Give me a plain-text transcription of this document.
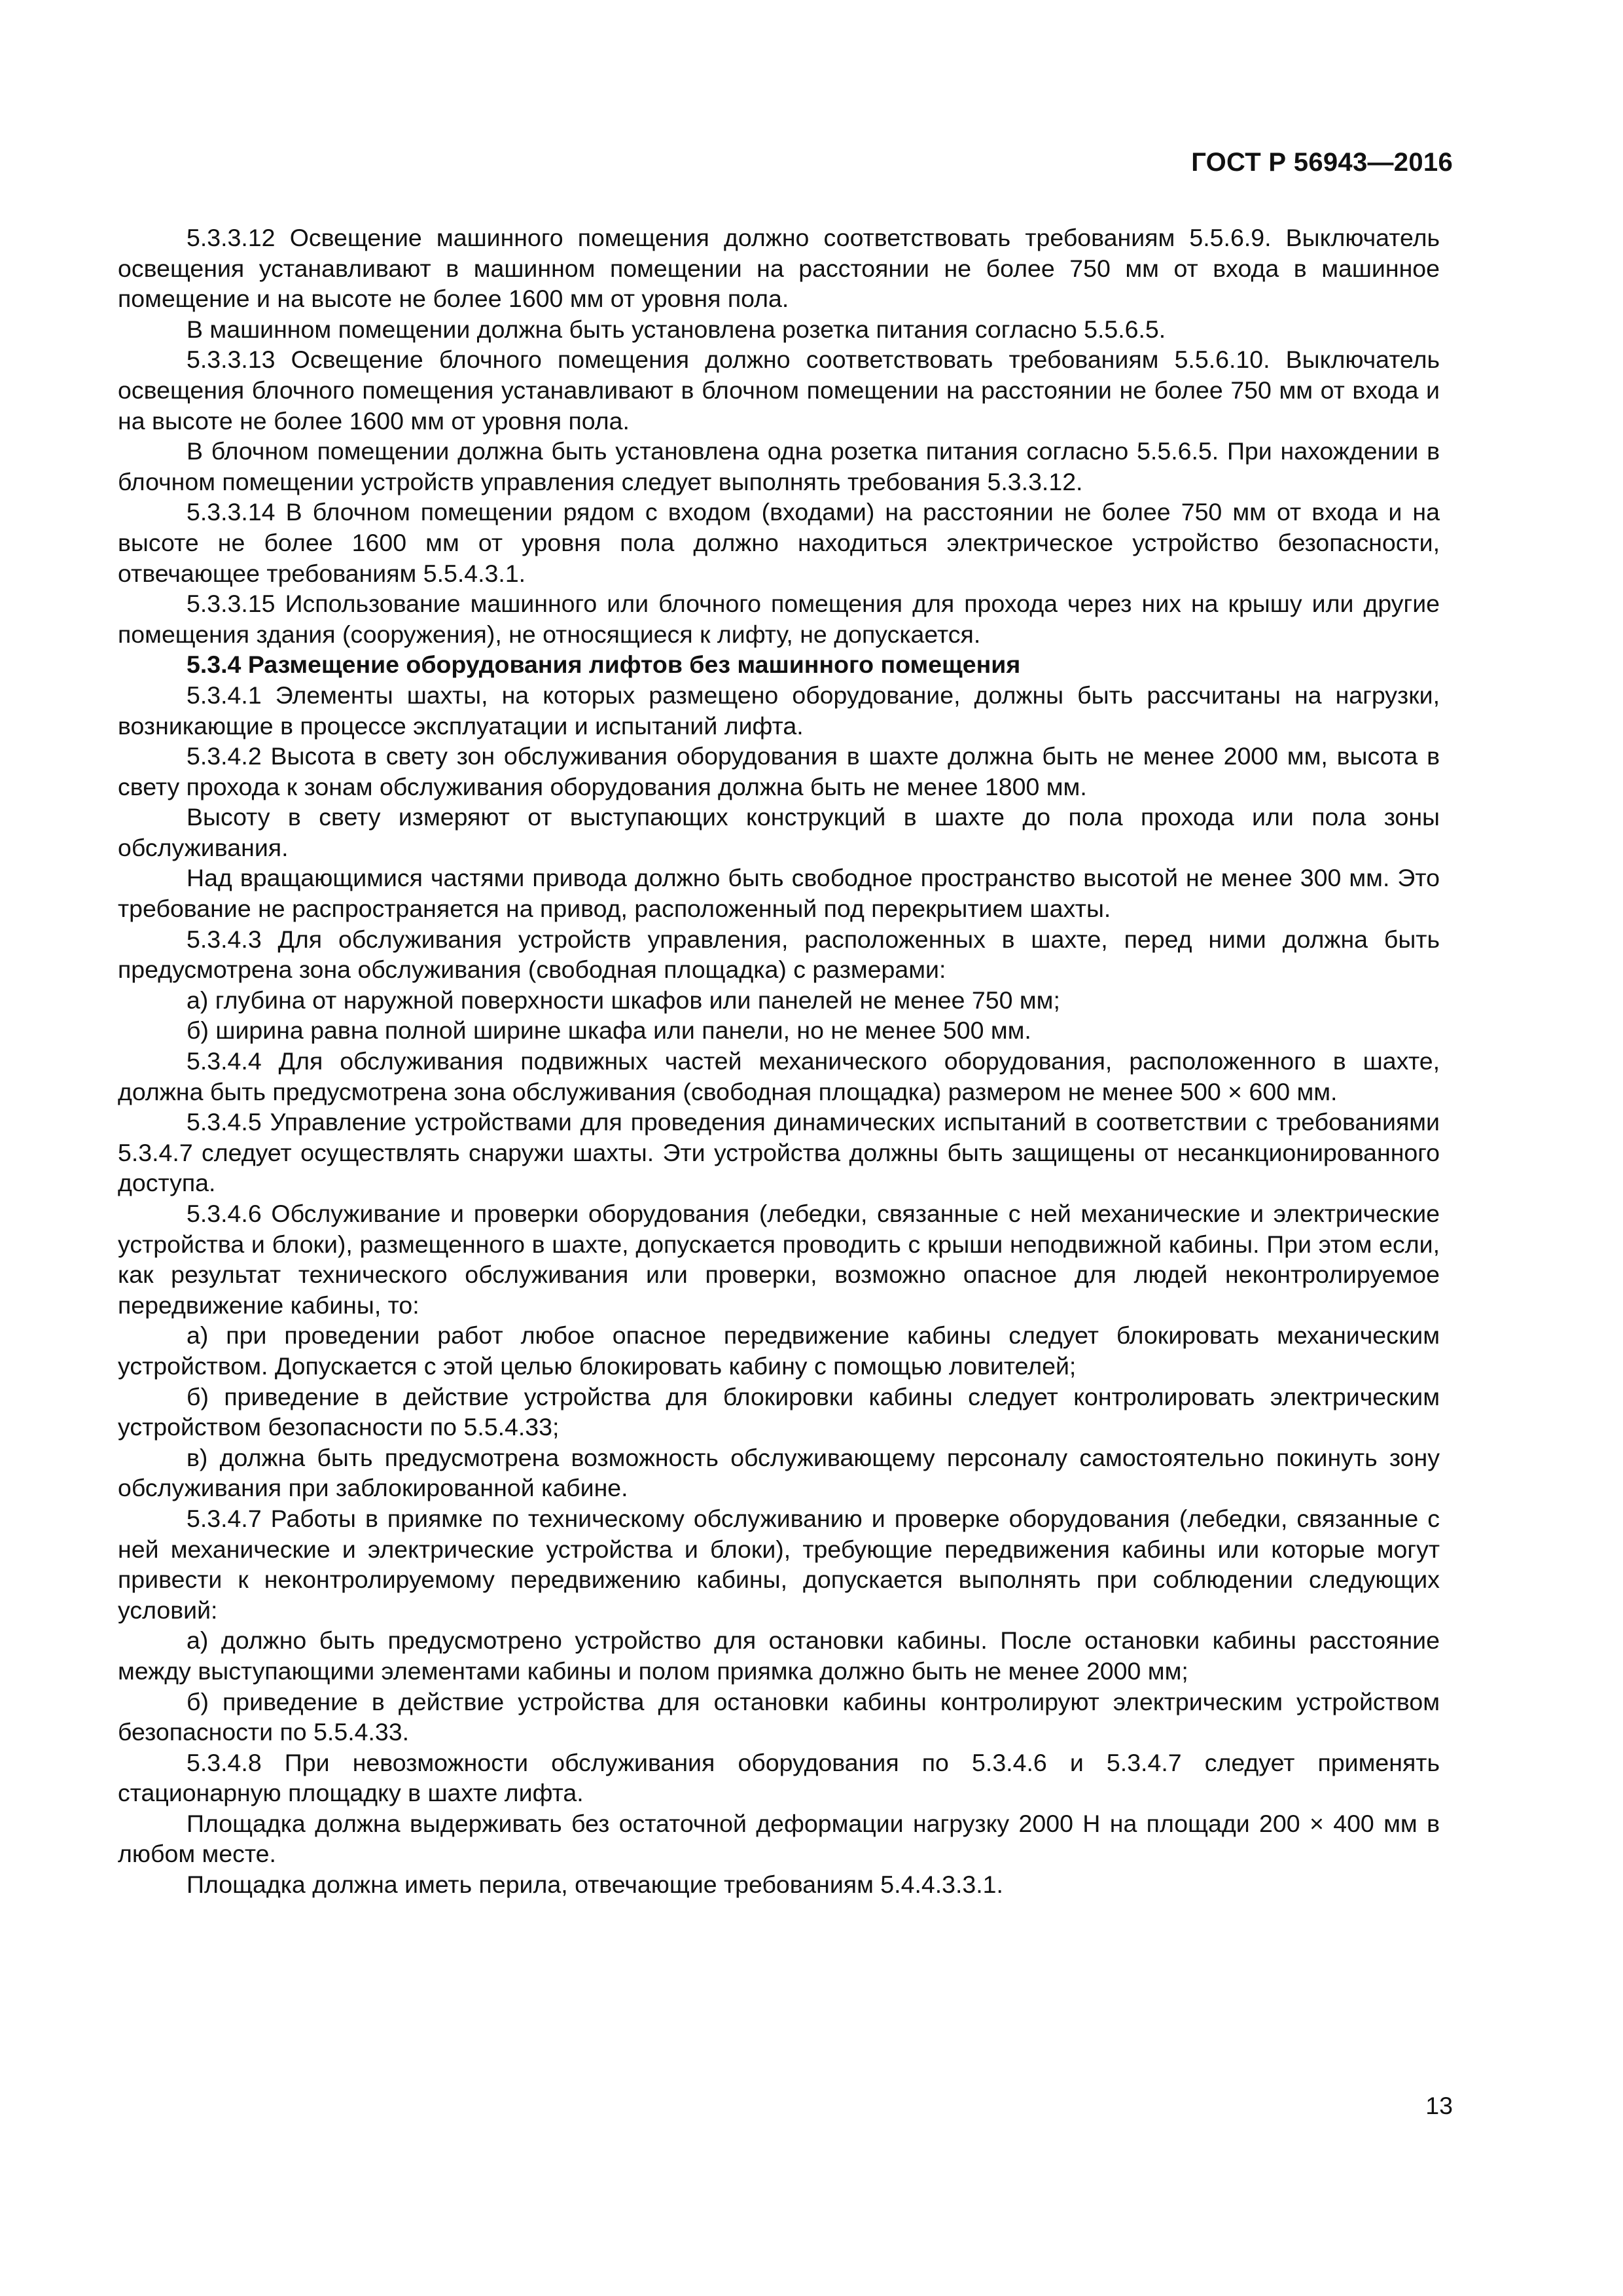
ГОСТ Р 56943—2016

5.3.3.12 Освещение машинного помещения должно соответствовать требованиям 5.5.6.9. Выключатель освещения устанавливают в машинном помещении на расстоянии не более 750 мм от входа в машинное помещение и на высоте не более 1600 мм от уровня пола.

В машинном помещении должна быть установлена розетка питания согласно 5.5.6.5.

5.3.3.13 Освещение блочного помещения должно соответствовать требованиям 5.5.6.10. Выключатель освещения блочного помещения устанавливают в блочном помещении на расстоянии не более 750 мм от входа и на высоте не более 1600 мм от уровня пола.

В блочном помещении должна быть установлена одна розетка питания согласно 5.5.6.5. При нахождении в блочном помещении устройств управления следует выполнять требования 5.3.3.12.

5.3.3.14 В блочном помещении рядом с входом (входами) на расстоянии не более 750 мм от входа и на высоте не более 1600 мм от уровня пола должно находиться электрическое устройство безопасности, отвечающее требованиям 5.5.4.3.1.

5.3.3.15 Использование машинного или блочного помещения для прохода через них на крышу или другие помещения здания (сооружения), не относящиеся к лифту, не допускается.

5.3.4 Размещение оборудования лифтов без машинного помещения

5.3.4.1 Элементы шахты, на которых размещено оборудование, должны быть рассчитаны на нагрузки, возникающие в процессе эксплуатации и испытаний лифта.

5.3.4.2 Высота в свету зон обслуживания оборудования в шахте должна быть не менее 2000 мм, высота в свету прохода к зонам обслуживания оборудования должна быть не менее 1800 мм.

Высоту в свету измеряют от выступающих конструкций в шахте до пола прохода или пола зоны обслуживания.

Над вращающимися частями привода должно быть свободное пространство высотой не менее 300 мм. Это требование не распространяется на привод, расположенный под перекрытием шахты.

5.3.4.3 Для обслуживания устройств управления, расположенных в шахте, перед ними должна быть предусмотрена зона обслуживания (свободная площадка) с размерами:

а) глубина от наружной поверхности шкафов или панелей не менее 750 мм;

б) ширина равна полной ширине шкафа или панели, но не менее 500 мм.

5.3.4.4 Для обслуживания подвижных частей механического оборудования, расположенного в шахте, должна быть предусмотрена зона обслуживания (свободная площадка) размером не менее 500 × 600 мм.

5.3.4.5 Управление устройствами для проведения динамических испытаний в соответствии с требованиями 5.3.4.7 следует осуществлять снаружи шахты. Эти устройства должны быть защищены от несанкционированного доступа.

5.3.4.6 Обслуживание и проверки оборудования (лебедки, связанные с ней механические и электрические устройства и блоки), размещенного в шахте, допускается проводить с крыши неподвижной кабины. При этом если, как результат технического обслуживания или проверки, возможно опасное для людей неконтролируемое передвижение кабины, то:

а) при проведении работ любое опасное передвижение кабины следует блокировать механическим устройством. Допускается с этой целью блокировать кабину с помощью ловителей;

б) приведение в действие устройства для блокировки кабины следует контролировать электрическим устройством безопасности по 5.5.4.33;

в) должна быть предусмотрена возможность обслуживающему персоналу самостоятельно покинуть зону обслуживания при заблокированной кабине.

5.3.4.7 Работы в приямке по техническому обслуживанию и проверке оборудования (лебедки, связанные с ней механические и электрические устройства и блоки), требующие передвижения кабины или которые могут привести к неконтролируемому передвижению кабины, допускается выполнять при соблюдении следующих условий:

а) должно быть предусмотрено устройство для остановки кабины. После остановки кабины расстояние между выступающими элементами кабины и полом приямка должно быть не менее 2000 мм;

б) приведение в действие устройства для остановки кабины контролируют электрическим устройством безопасности по 5.5.4.33.

5.3.4.8 При невозможности обслуживания оборудования по 5.3.4.6 и 5.3.4.7 следует применять стационарную площадку в шахте лифта.

Площадка должна выдерживать без остаточной деформации нагрузку 2000 Н на площади 200 × 400 мм в любом месте.

Площадка должна иметь перила, отвечающие требованиям 5.4.4.3.3.1.

13
